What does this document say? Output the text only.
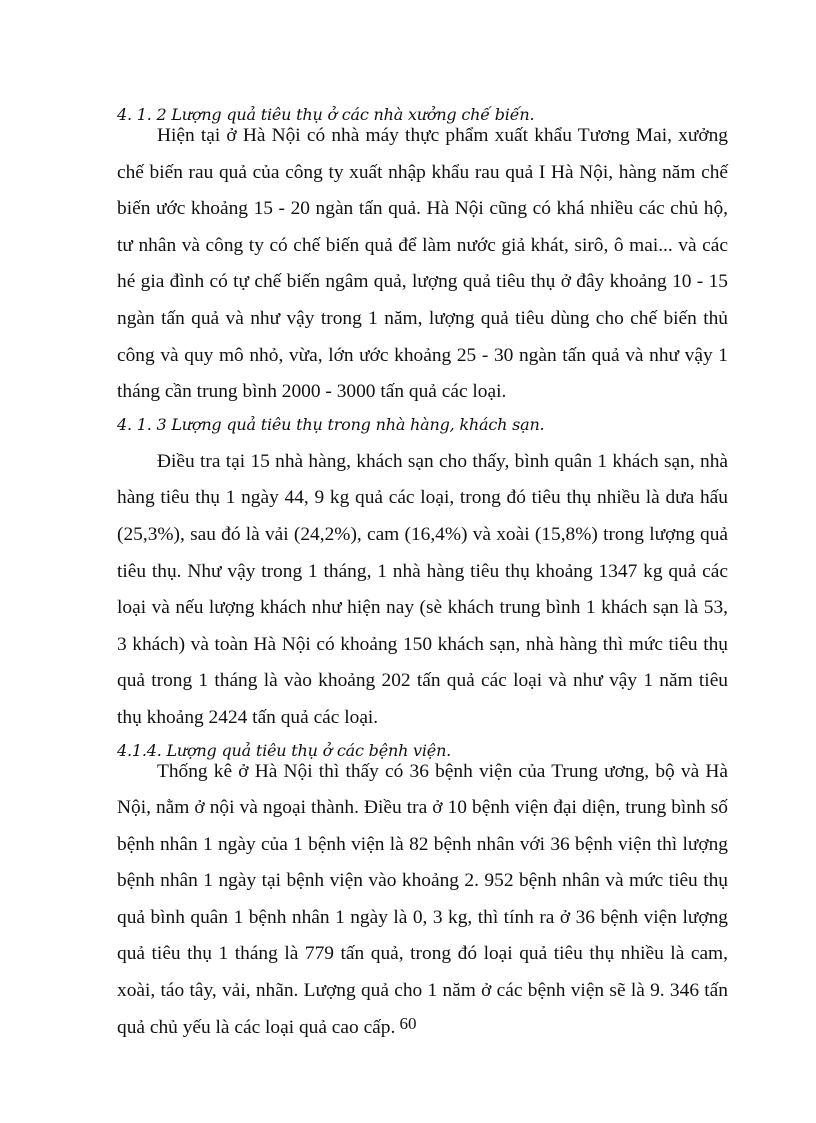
4. 1. 2 Lượng quả tiêu thụ ở các nhà xưởng chế biến.

Hiện tại ở Hà Nội có nhà máy thực phẩm xuất khẩu Tương Mai, xưởng chế biến rau quả của công ty xuất nhập khẩu rau quả I Hà Nội, hàng năm chế biến ước khoảng 15 - 20 ngàn tấn quả. Hà Nội cũng có khá nhiều các chủ hộ, tư nhân và công ty có chế biến quả để làm nước giả khát, sirô, ô mai... và các hé gia đình có tự chế biến ngâm quả, lượng quả tiêu thụ ở đây khoảng 10 - 15 ngàn tấn quả và như vậy trong 1 năm, lượng quả tiêu dùng cho chế biến thủ công và quy mô nhỏ, vừa, lớn ước khoảng 25 - 30 ngàn tấn quả và như vậy 1 tháng cần trung bình 2000 - 3000 tấn quả các loại.

4. 1. 3 Lượng quả tiêu thụ trong nhà hàng, khách sạn.

Điều tra tại 15 nhà hàng, khách sạn cho thấy, bình quân 1 khách sạn, nhà hàng tiêu thụ 1 ngày 44, 9 kg quả các loại, trong đó tiêu thụ nhiều là dưa hấu (25,3%), sau đó là vải (24,2%), cam (16,4%) và xoài (15,8%) trong lượng quả tiêu thụ. Như vậy trong 1 tháng, 1 nhà hàng tiêu thụ khoảng 1347 kg quả các loại và nếu lượng khách như hiện nay (sè khách trung bình 1 khách sạn là 53, 3 khách) và toàn Hà Nội có khoảng 150 khách sạn, nhà hàng thì mức tiêu thụ quả trong 1 tháng là vào khoảng 202 tấn quả các loại và như vậy 1 năm tiêu thụ khoảng 2424 tấn quả các loại.

4.1.4. Lượng quả tiêu thụ ở các bệnh viện.

Thống kê ở Hà Nội thì thấy có 36 bệnh viện của Trung ương, bộ và Hà Nội, nằm ở nội và ngoại thành. Điều tra ở 10 bệnh viện đại diện, trung bình số bệnh nhân 1 ngày của 1 bệnh viện là 82 bệnh nhân với 36 bệnh viện thì lượng bệnh nhân 1 ngày tại bệnh viện vào khoảng 2. 952 bệnh nhân và mức tiêu thụ quả bình quân 1 bệnh nhân 1 ngày là 0, 3 kg, thì tính ra ở 36 bệnh viện lượng quả tiêu thụ 1 tháng là 779 tấn quả, trong đó loại quả tiêu thụ nhiều là cam, xoài, táo tây, vải, nhãn. Lượng quả cho 1 năm ở các bệnh viện sẽ là 9. 346 tấn quả chủ yếu là các loại quả cao cấp. 60
